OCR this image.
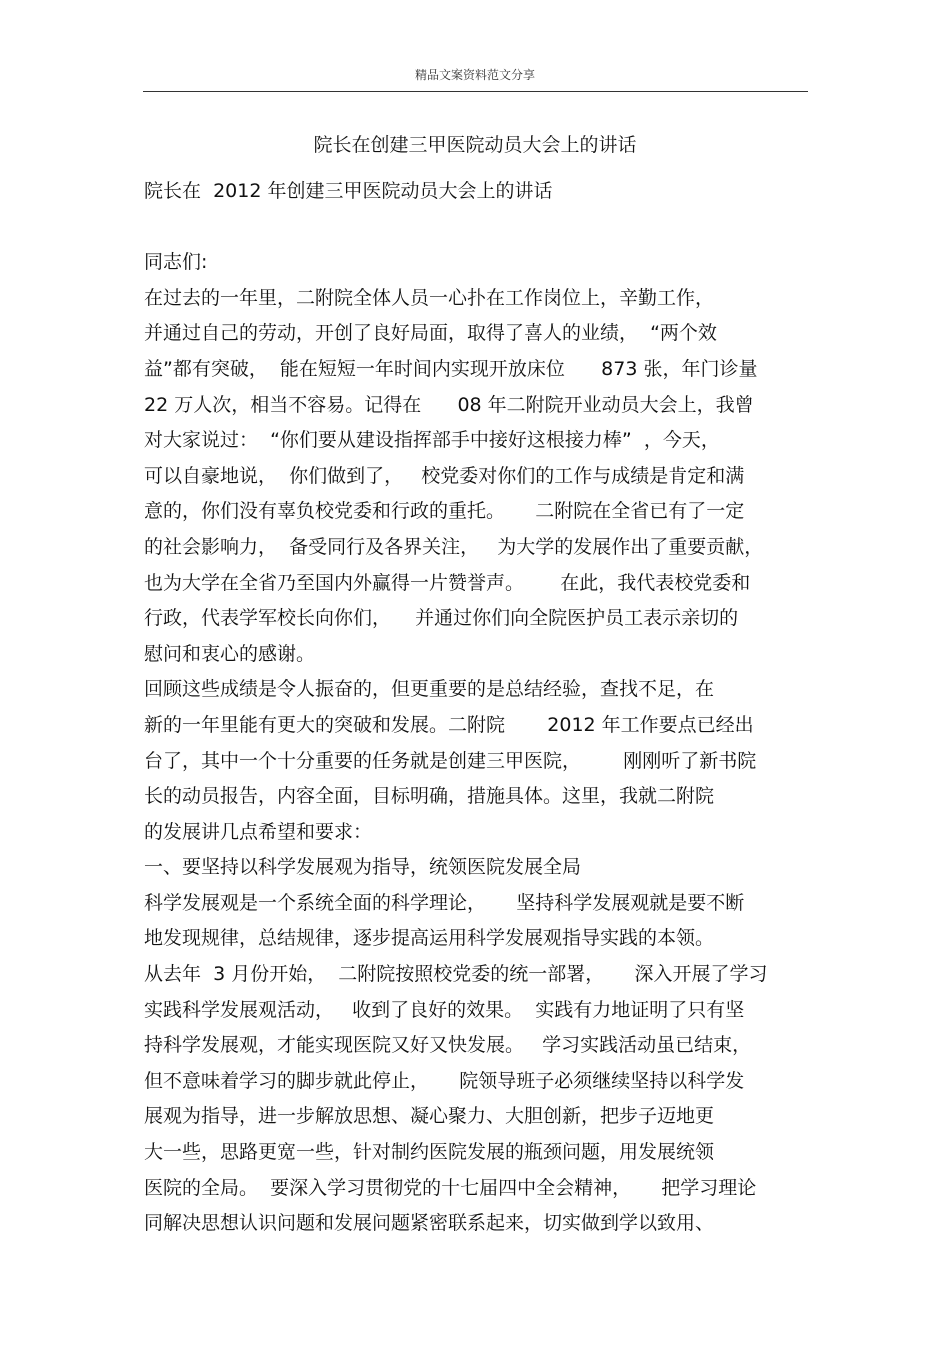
精品文案资料范文分享
院长在创建三甲医院动员大会上的讲话
院长在  2012 年创建三甲医院动员大会上的讲话
同志们:
在过去的一年里，二附院全体人员一心扑在工作岗位上，辛勤工作，
并通过自己的劳动，开创了良好局面，取得了喜人的业绩，  “两个效
益”都有突破，  能在短短一年时间内实现开放床位      873 张，年门诊量
22 万人次，相当不容易。记得在      08 年二附院开业动员大会上，我曾
对大家说过：  “你们要从建设指挥部手中接好这根接力棒”  ，今天，
可以自豪地说，  你们做到了，   校党委对你们的工作与成绩是肯定和满
意的，你们没有辜负校党委和行政的重托。     二附院在全省已有了一定
的社会影响力，  备受同行及各界关注，   为大学的发展作出了重要贡献，
也为大学在全省乃至国内外赢得一片赞誉声。      在此，我代表校党委和
行政，代表学军校长向你们，    并通过你们向全院医护员工表示亲切的
慰问和衷心的感谢。
回顾这些成绩是令人振奋的，但更重要的是总结经验，查找不足，在
新的一年里能有更大的突破和发展。二附院       2012 年工作要点已经出
台了，其中一个十分重要的任务就是创建三甲医院，       刚刚听了新书院
长的动员报告，内容全面，目标明确，措施具体。这里，我就二附院
的发展讲几点希望和要求：
一、要坚持以科学发展观为指导，统领医院发展全局
科学发展观是一个系统全面的科学理论，     坚持科学发展观就是要不断
地发现规律，总结规律，逐步提高运用科学发展观指导实践的本领。
从去年  3 月份开始，  二附院按照校党委的统一部署，     深入开展了学习
实践科学发展观活动，   收到了良好的效果。  实践有力地证明了只有坚
持科学发展观，才能实现医院又好又快发展。   学习实践活动虽已结束，
但不意味着学习的脚步就此停止，     院领导班子必须继续坚持以科学发
展观为指导，进一步解放思想、凝心聚力、大胆创新，把步子迈地更
大一些，思路更宽一些，针对制约医院发展的瓶颈问题，用发展统领
医院的全局。  要深入学习贯彻党的十七届四中全会精神，     把学习理论
同解决思想认识问题和发展问题紧密联系起来，切实做到学以致用、
